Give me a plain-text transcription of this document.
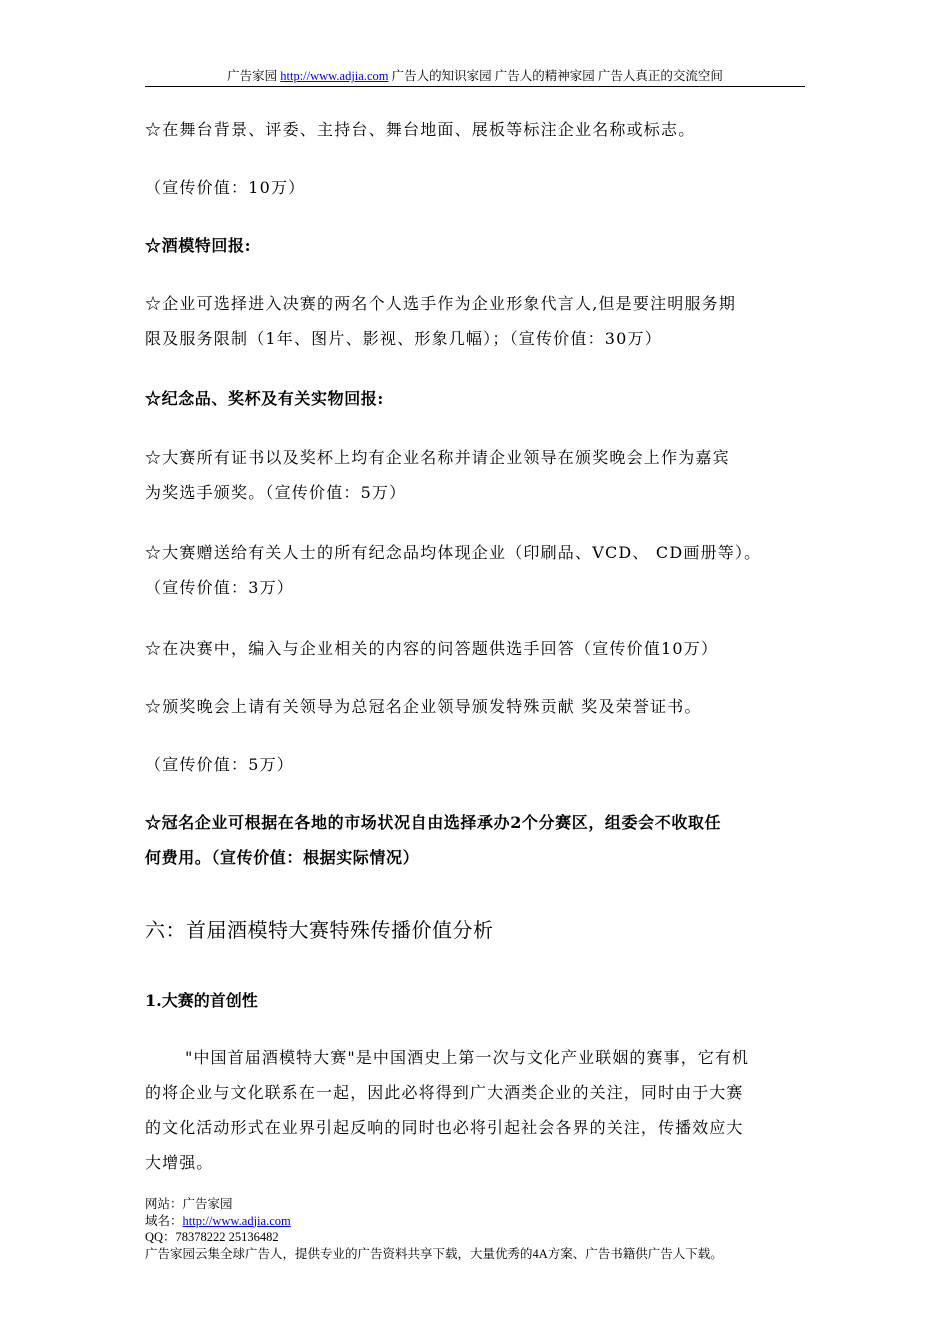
广告家园 http://www.adjia.com 广告人的知识家园 广告人的精神家园 广告人真正的交流空间
☆在舞台背景、评委、主持台、舞台地面、展板等标注企业名称或标志。
（宣传价值：10万）
☆酒模特回报:
☆企业可选择进入决赛的两名个人选手作为企业形象代言人,但是要注明服务期
限及服务限制（1年、图片、影视、形象几幅）；（宣传价值：30万）
☆纪念品、奖杯及有关实物回报:
☆大赛所有证书以及奖杯上均有企业名称并请企业领导在颁奖晚会上作为嘉宾
为奖选手颁奖。（宣传价值：5万）
☆大赛赠送给有关人士的所有纪念品均体现企业（印刷品、VCD、 CD画册等）。
（宣传价值：3万）
☆在决赛中，编入与企业相关的内容的问答题供选手回答（宣传价值10万）
☆颁奖晚会上请有关领导为总冠名企业领导颁发特殊贡献 奖及荣誉证书。
（宣传价值：5万）
☆冠名企业可根据在各地的市场状况自由选择承办2个分赛区，组委会不收取任
何费用。（宣传价值：根据实际情况）
六：首届酒模特大赛特殊传播价值分析
1.大赛的首创性
"中国首届酒模特大赛"是中国酒史上第一次与文化产业联姻的赛事，它有机
的将企业与文化联系在一起，因此必将得到广大酒类企业的关注，同时由于大赛
的文化活动形式在业界引起反响的同时也必将引起社会各界的关注，传播效应大
大增强。
网站：广告家园
域名：http://www.adjia.com
QQ：78378222 25136482
广告家园云集全球广告人，提供专业的广告资料共享下载，大量优秀的4A方案、广告书籍供广告人下载。
